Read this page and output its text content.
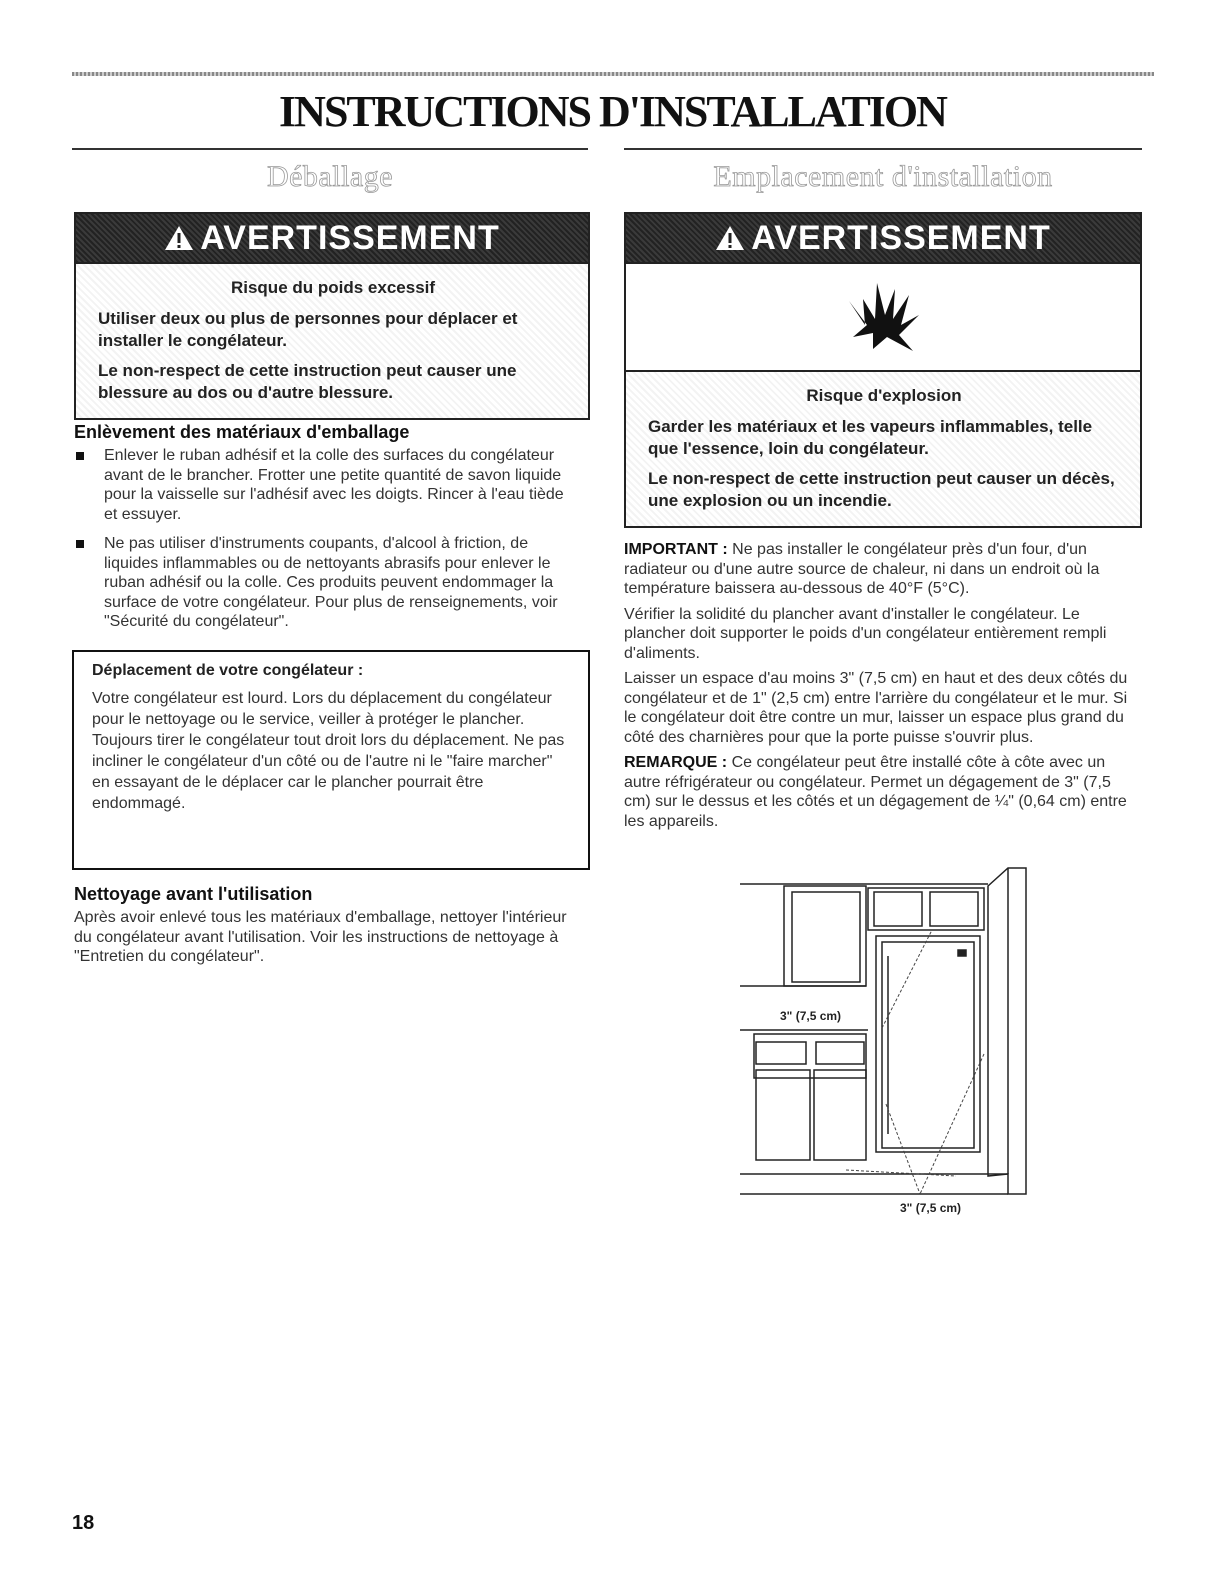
INSTRUCTIONS D'INSTALLATION
Déballage
AVERTISSEMENT

Risque du poids excessif

Utiliser deux ou plus de personnes pour déplacer et installer le congélateur.

Le non-respect de cette instruction peut causer une blessure au dos ou d'autre blessure.

Enlèvement des matériaux d'emballage
Enlever le ruban adhésif et la colle des surfaces du congélateur avant de le brancher. Frotter une petite quantité de savon liquide pour la vaisselle sur l'adhésif avec les doigts. Rincer à l'eau tiède et essuyer.
Ne pas utiliser d'instruments coupants, d'alcool à friction, de liquides inflammables ou de nettoyants abrasifs pour enlever le ruban adhésif ou la colle. Ces produits peuvent endommager la surface de votre congélateur. Pour plus de renseignements, voir "Sécurité du congélateur".

Déplacement de votre congélateur :

Votre congélateur est lourd. Lors du déplacement du congélateur pour le nettoyage ou le service, veiller à protéger le plancher.

Toujours tirer le congélateur tout droit lors du déplacement. Ne pas incliner le congélateur d'un côté ou de l'autre ni le "faire marcher" en essayant de le déplacer car le plancher pourrait être endommagé.

Nettoyage avant l'utilisation

Après avoir enlevé tous les matériaux d'emballage, nettoyer l'intérieur du congélateur avant l'utilisation. Voir les instructions de nettoyage à "Entretien du congélateur".

Emplacement d'installation
AVERTISSEMENT

Risque d'explosion

Garder les matériaux et les vapeurs inflammables, telle que l'essence, loin du congélateur.

Le non-respect de cette instruction peut causer un décès, une explosion ou un incendie.

IMPORTANT : Ne pas installer le congélateur près d'un four, d'un radiateur ou d'une autre source de chaleur, ni dans un endroit où la température baissera au-dessous de 40°F (5°C).

Vérifier la solidité du plancher avant d'installer le congélateur. Le plancher doit supporter le poids d'un congélateur entièrement rempli d'aliments.

Laisser un espace d'au moins 3" (7,5 cm) en haut et des deux côtés du congélateur et de 1" (2,5 cm) entre l'arrière du congélateur et le mur. Si le congélateur doit être contre un mur, laisser un espace plus grand du côté des charnières pour que la porte puisse s'ouvrir plus.

REMARQUE : Ce congélateur peut être installé côte à côte avec un autre réfrigérateur ou congélateur. Permet un dégagement de 3" (7,5 cm) sur le dessus et les côtés et un dégagement de ¼" (0,64 cm) entre les appareils.

3" (7,5 cm)
3" (7,5 cm)

18
